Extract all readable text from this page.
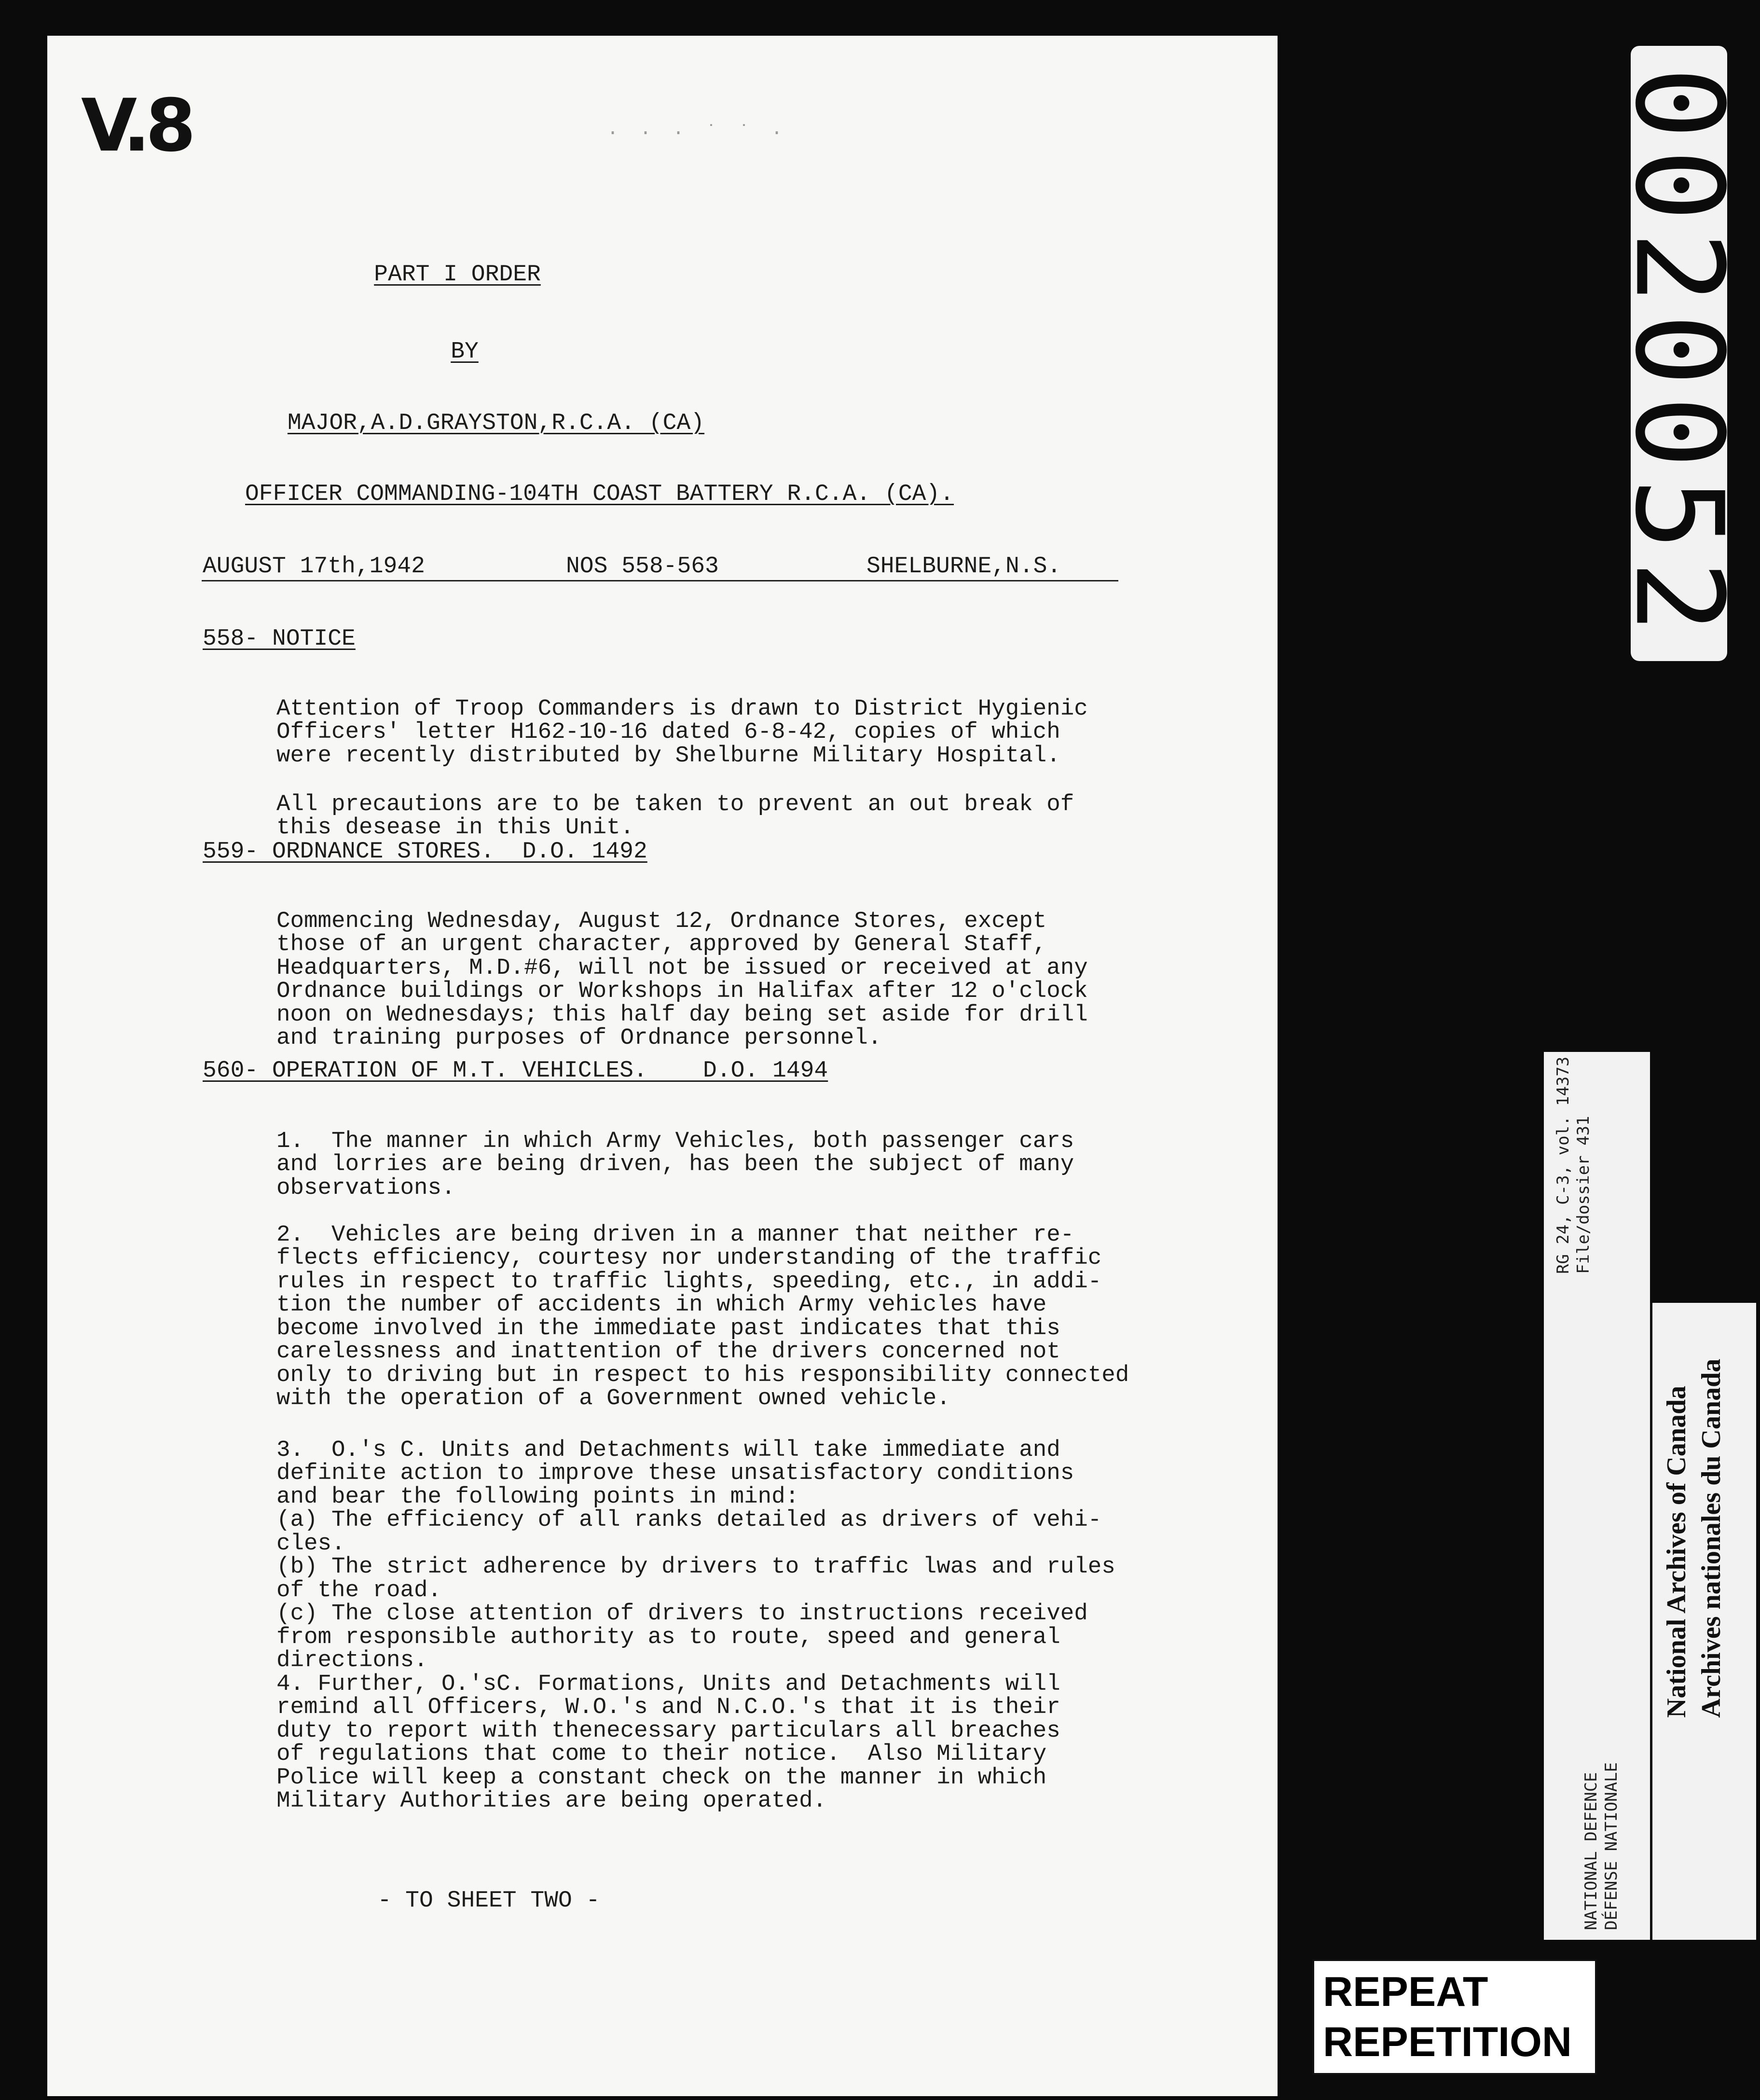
V.8	· · · ˙ ˙ ·
PART I ORDER
BY
MAJOR,A.D.GRAYSTON,R.C.A. (CA)
OFFICER COMMANDING-104TH COAST BATTERY R.C.A. (CA).
AUGUST 17th,1942	NOS 558-563	SHELBURNE,N.S.
558- NOTICE

Attention of Troop Commanders is drawn to District Hygienic
Officers' letter H162-10-16 dated 6-8-42, copies of which
were recently distributed by Shelburne Military Hospital.

All precautions are to be taken to prevent an out break of
this desease in this Unit.
559- ORDNANCE STORES.  D.O. 1492

Commencing Wednesday, August 12, Ordnance Stores, except
those of an urgent character, approved by General Staff,
Headquarters, M.D.#6, will not be issued or received at any
Ordnance buildings or Workshops in Halifax after 12 o'clock
noon on Wednesdays; this half day being set aside for drill
and training purposes of Ordnance personnel.
560- OPERATION OF M.T. VEHICLES.    D.O. 1494

1.  The manner in which Army Vehicles, both passenger cars
and lorries are being driven, has been the subject of many
observations.

2.  Vehicles are being driven in a manner that neither re-
flects efficiency, courtesy nor understanding of the traffic
rules in respect to traffic lights, speeding, etc., in addi-
tion the number of accidents in which Army vehicles have
become involved in the immediate past indicates that this
carelessness and inattention of the drivers concerned not
only to driving but in respect to his responsibility connected
with the operation of a Government owned vehicle.

3.  O.'s C. Units and Detachments will take immediate and
definite action to improve these unsatisfactory conditions
and bear the following points in mind:
(a) The efficiency of all ranks detailed as drivers of vehi-
cles.
(b) The strict adherence by drivers to traffic lwas and rules
of the road.
(c) The close attention of drivers to instructions received
from responsible authority as to route, speed and general
directions.
4. Further, O.'sC. Formations, Units and Detachments will
remind all Officers, W.O.'s and N.C.O.'s that it is their
duty to report with thenecessary particulars all breaches
of regulations that come to their notice.  Also Military
Police will keep a constant check on the manner in which
Military Authorities are being operated.
- TO SHEET TWO -
0020052
RG 24, C-3, vol. 14373 File/dossier 431
NATIONAL DEFENCE DÉFENSE NATIONALE
National Archives of Canada Archives nationales du Canada
REPEAT
REPETITION
